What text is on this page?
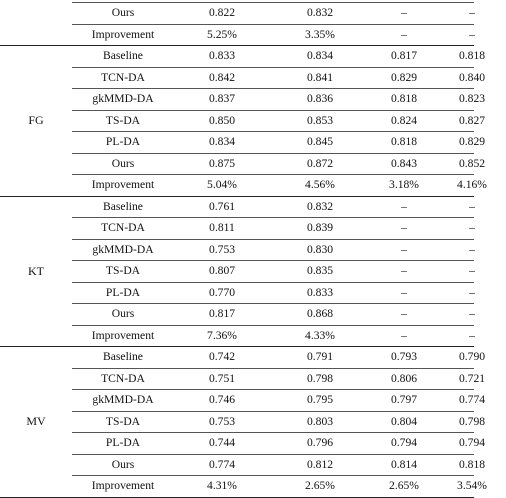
Ours	0.822	0.832	–	–
Improvement	5.25%	3.35%	–	–
Baseline	0.833	0.834	0.817	0.818
TCN-DA	0.842	0.841	0.829	0.840
gkMMD-DA	0.837	0.836	0.818	0.823
TS-DA	0.850	0.853	0.824	0.827
PL-DA	0.834	0.845	0.818	0.829
Ours	0.875	0.872	0.843	0.852
Improvement	5.04%	4.56%	3.18%	4.16%
FG
Baseline	0.761	0.832	–	–
TCN-DA	0.811	0.839	–	–
gkMMD-DA	0.753	0.830	–	–
TS-DA	0.807	0.835	–	–
PL-DA	0.770	0.833	–	–
Ours	0.817	0.868	–	–
Improvement	7.36%	4.33%	–	–
KT
Baseline	0.742	0.791	0.793	0.790
TCN-DA	0.751	0.798	0.806	0.721
gkMMD-DA	0.746	0.795	0.797	0.774
TS-DA	0.753	0.803	0.804	0.798
PL-DA	0.744	0.796	0.794	0.794
Ours	0.774	0.812	0.814	0.818
Improvement	4.31%	2.65%	2.65%	3.54%
MV
